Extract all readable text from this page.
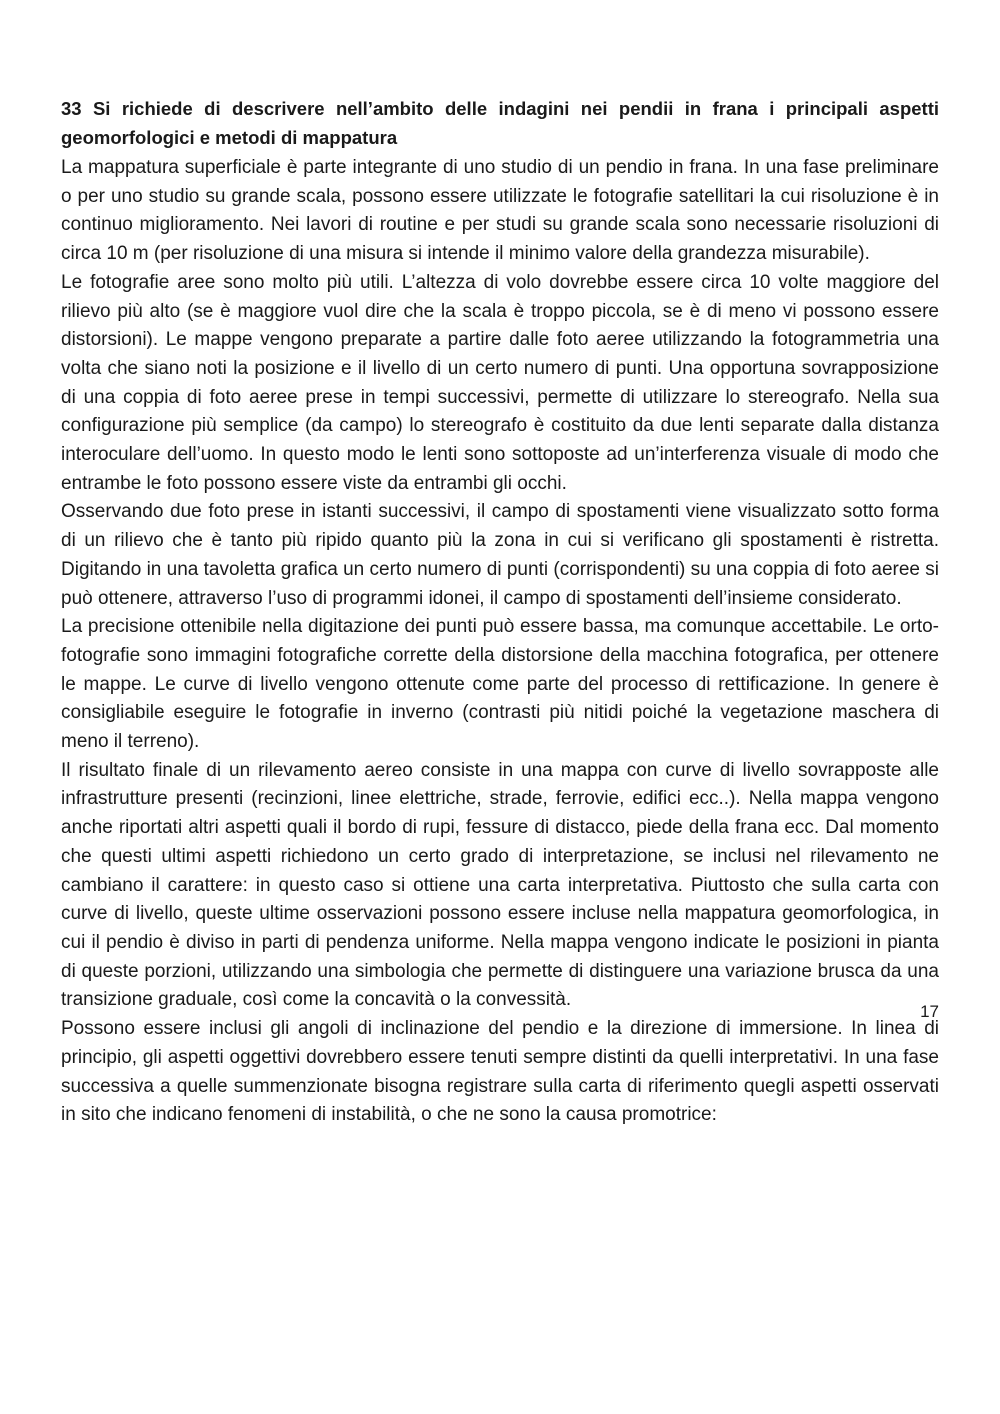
33 Si richiede di descrivere nell’ambito delle indagini nei pendii in frana i principali aspetti geomorfologici e metodi di mappatura

La mappatura superficiale è parte integrante di uno studio di un pendio in frana. In una fase preliminare o per uno studio su grande scala, possono essere utilizzate le fotografie satellitari la cui risoluzione è in continuo miglioramento. Nei lavori di routine e per studi su grande scala sono necessarie risoluzioni di circa 10 m (per risoluzione di una misura si intende il minimo valore della grandezza misurabile).

Le fotografie aree sono molto più utili. L’altezza di volo dovrebbe essere circa 10 volte maggiore del rilievo più alto (se è maggiore vuol dire che la scala è troppo piccola, se è di meno vi possono essere distorsioni). Le mappe vengono preparate a partire dalle foto aeree utilizzando la fotogrammetria una volta che siano noti la posizione e il livello di un certo numero di punti. Una opportuna sovrapposizione di una coppia di foto aeree prese in tempi successivi, permette di utilizzare lo stereografo. Nella sua configurazione più semplice (da campo) lo stereografo è costituito da due lenti separate dalla distanza interoculare dell’uomo. In questo modo le lenti sono sottoposte ad un’interferenza visuale di modo che entrambe le foto possono essere viste da entrambi gli occhi.

Osservando due foto prese in istanti successivi, il campo di spostamenti viene visualizzato sotto forma di un rilievo che è tanto più ripido quanto più la zona in cui si verificano gli spostamenti è ristretta. Digitando in una tavoletta grafica un certo numero di punti (corrispondenti) su una coppia di foto aeree si può ottenere, attraverso l’uso di programmi idonei, il campo di spostamenti dell’insieme considerato.

La precisione ottenibile nella digitazione dei punti può essere bassa, ma comunque accettabile. Le orto-fotografie sono immagini fotografiche corrette della distorsione della macchina fotografica, per ottenere le mappe. Le curve di livello vengono ottenute come parte del processo di rettificazione. In genere è consigliabile eseguire le fotografie in inverno (contrasti più nitidi poiché la vegetazione maschera di meno il terreno).

Il risultato finale di un rilevamento aereo consiste in una mappa con curve di livello sovrapposte alle infrastrutture presenti (recinzioni, linee elettriche, strade, ferrovie, edifici ecc..). Nella mappa vengono anche riportati altri aspetti quali il bordo di rupi, fessure di distacco, piede della frana ecc. Dal momento che questi ultimi aspetti richiedono un certo grado di interpretazione, se inclusi nel rilevamento ne cambiano il carattere: in questo caso si ottiene una carta interpretativa. Piuttosto che sulla carta con curve di livello, queste ultime osservazioni possono essere incluse nella mappatura geomorfologica, in cui il pendio è diviso in parti di pendenza uniforme. Nella mappa vengono indicate le posizioni in pianta di queste porzioni, utilizzando una simbologia che permette di distinguere una variazione brusca da una transizione graduale, così come la concavità o la convessità.

Possono essere inclusi gli angoli di inclinazione del pendio e la direzione di immersione. In linea di principio, gli aspetti oggettivi dovrebbero essere tenuti sempre distinti da quelli interpretativi. In una fase successiva a quelle summenzionate bisogna registrare sulla carta di riferimento quegli aspetti osservati in sito che indicano fenomeni di instabilità, o che ne sono la causa promotrice:

17
